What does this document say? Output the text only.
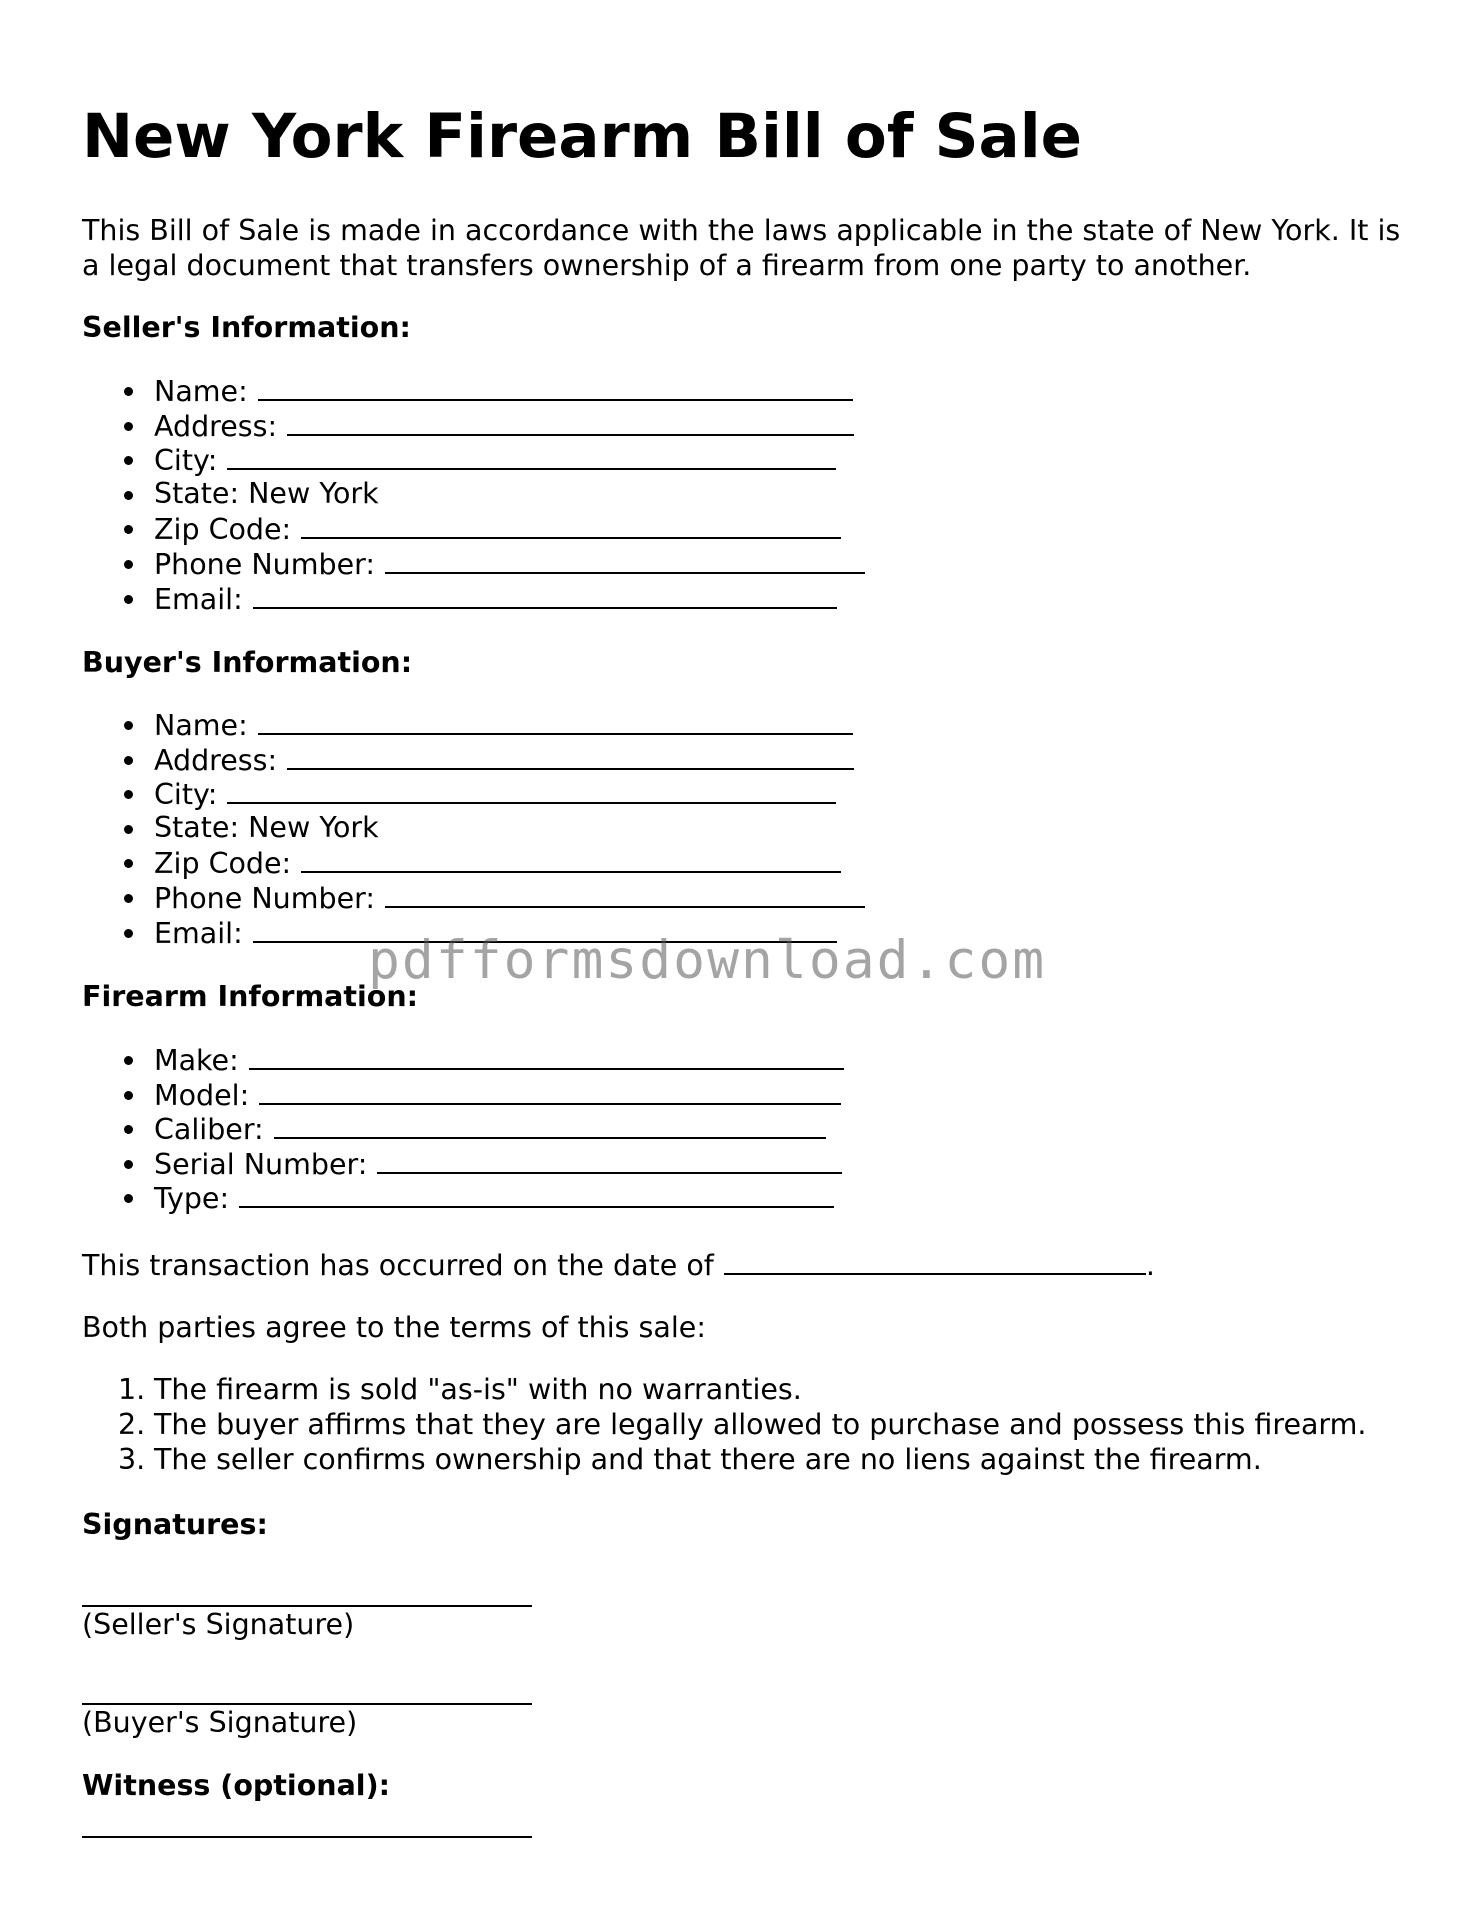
New York Firearm Bill of Sale

This Bill of Sale is made in accordance with the laws applicable in the state of New York. It is a legal document that transfers ownership of a firearm from one party to another.

Seller's Information:

Name:
Address:
City:
State: New York
Zip Code:
Phone Number:
Email:

Buyer's Information:

Name:
Address:
City:
State: New York
Zip Code:
Phone Number:
Email:

Firearm Information:

Make:
Model:
Caliber:
Serial Number:
Type:

This transaction has occurred on the date of	.

Both parties agree to the terms of this sale:

1. The firearm is sold "as-is" with no warranties.
2. The buyer affirms that they are legally allowed to purchase and possess this firearm.
3. The seller confirms ownership and that there are no liens against the firearm.

Signatures:

(Seller's Signature)

(Buyer's Signature)

Witness (optional):

pdfformsdownload.com
